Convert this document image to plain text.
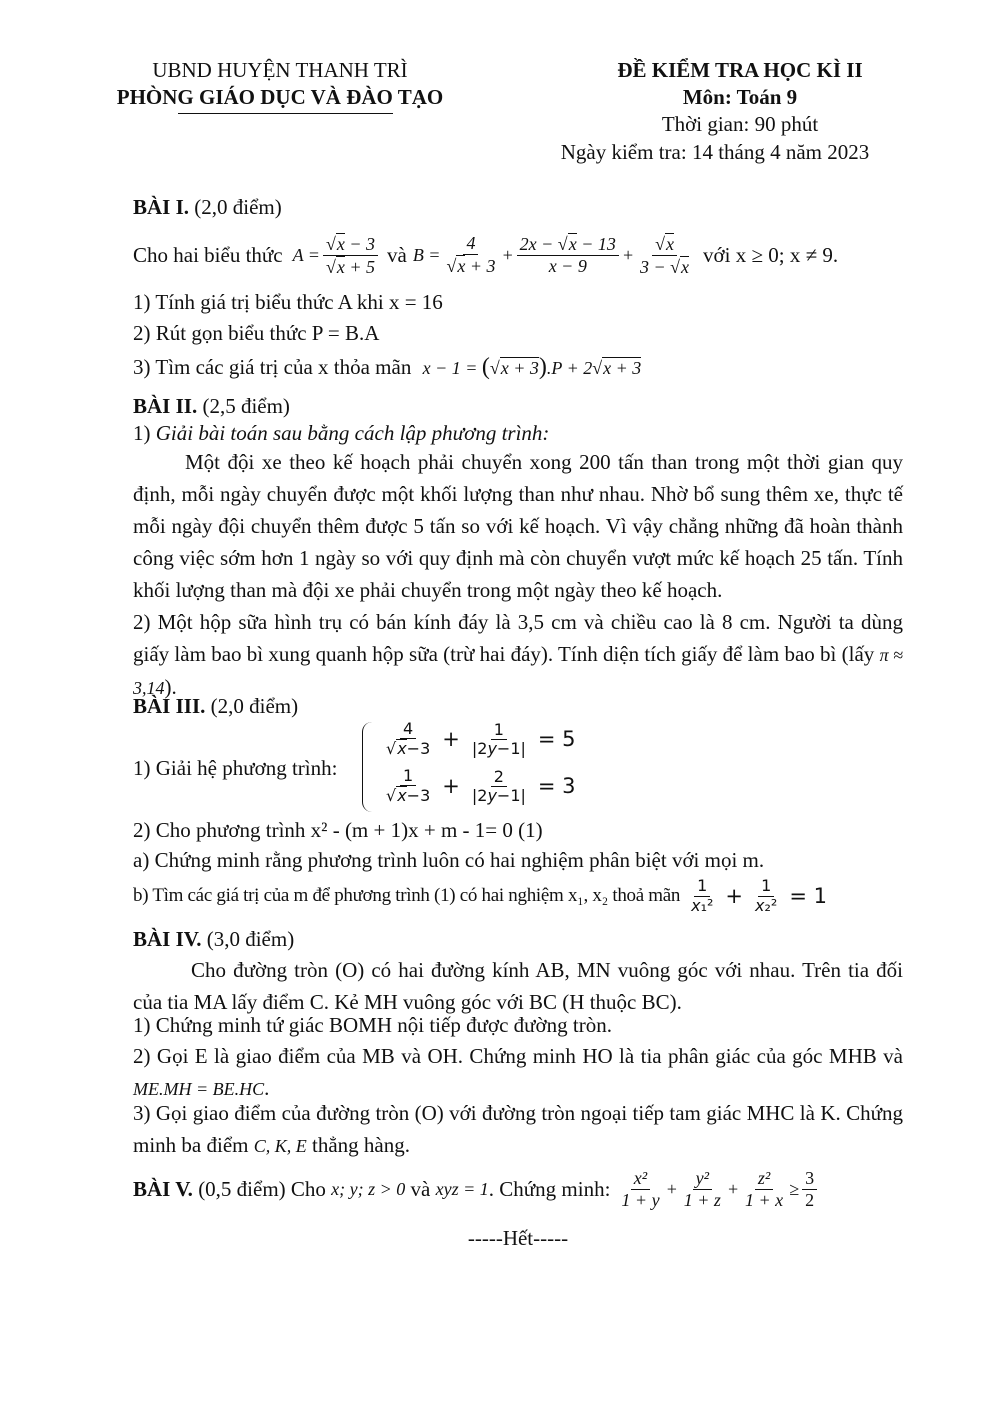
UBND HUYỆN THANH TRÌ
PHÒNG GIÁO DỤC VÀ ĐÀO TẠO
ĐỀ KIỂM TRA HỌC KÌ II
Môn: Toán 9
Thời gian: 90 phút
Ngày kiểm tra: 14 tháng 4 năm 2023
BÀI I. (2,0 điểm)
Cho hai biểu thức $A = \frac{√x - 3}{√x + 5}$ và $B = \frac{4}{√x + 3} + \frac{2x - √x - 13}{x - 9} + \frac{√x}{3 - √x}$ với x ≥ 0; x ≠ 9.
1) Tính giá trị biểu thức A khi x = 16
2) Rút gọn biểu thức P = B.A
3) Tìm các giá trị của x thỏa mãn x − 1 = (√x + 3).P + 2√x + 3
BÀI II. (2,5 điểm)
1) Giải bài toán sau bằng cách lập phương trình:
Một đội xe theo kế hoạch phải chuyển xong 200 tấn than trong một thời gian quy định, mỗi ngày chuyển được một khối lượng than như nhau. Nhờ bổ sung thêm xe, thực tế mỗi ngày đội chuyển thêm được 5 tấn so với kế hoạch. Vì vậy chẳng những đã hoàn thành công việc sớm hơn 1 ngày so với quy định mà còn chuyển vượt mức kế hoạch 25 tấn. Tính khối lượng than mà đội xe phải chuyển trong một ngày theo kế hoạch.
2) Một hộp sữa hình trụ có bán kính đáy là 3,5 cm và chiều cao là 8 cm. Người ta dùng giấy làm bao bì xung quanh hộp sữa (trừ hai đáy). Tính diện tích giấy để làm bao bì (lấy π ≈ 3,14).
BÀI III. (2,0 điểm)
1) Giải hệ phương trình:
$\frac{4}{√x-3} + \frac{1}{|2y-1|} = 5$
$\frac{1}{√x-3} + \frac{2}{|2y-1|} = 3$
2) Cho phương trình x² - (m + 1)x + m - 1= 0 (1)
a) Chứng minh rằng phương trình luôn có hai nghiệm phân biệt với mọi m.
b) Tìm các giá trị của m để phương trình (1) có hai nghiệm x₁, x₂ thoả mãn $\frac{1}{\text{x₁²}} + \frac{1}{\text{x₂²}} = 1$
BÀI IV. (3,0 điểm)
Cho đường tròn (O) có hai đường kính AB, MN vuông góc với nhau. Trên tia đối của tia MA lấy điểm C. Kẻ MH vuông góc với BC (H thuộc BC).
1) Chứng minh tứ giác BOMH nội tiếp được đường tròn.
2) Gọi E là giao điểm của MB và OH. Chứng minh HO là tia phân giác của góc MHB và ME.MH = BE.HC.
3) Gọi giao điểm của đường tròn (O) với đường tròn ngoại tiếp tam giác MHC là K. Chứng minh ba điểm C, K, E thẳng hàng.
BÀI V.
(0,5 điểm) Cho
x; y; z > 0
và
xyz = 1 . Chứng minh: $\frac{\text{x²}}{1 + y} + \frac{\text{y²}}{1 + z} + \frac{\text{z²}}{1 + x} \ge \frac{3}{2}$
-----Hết-----
